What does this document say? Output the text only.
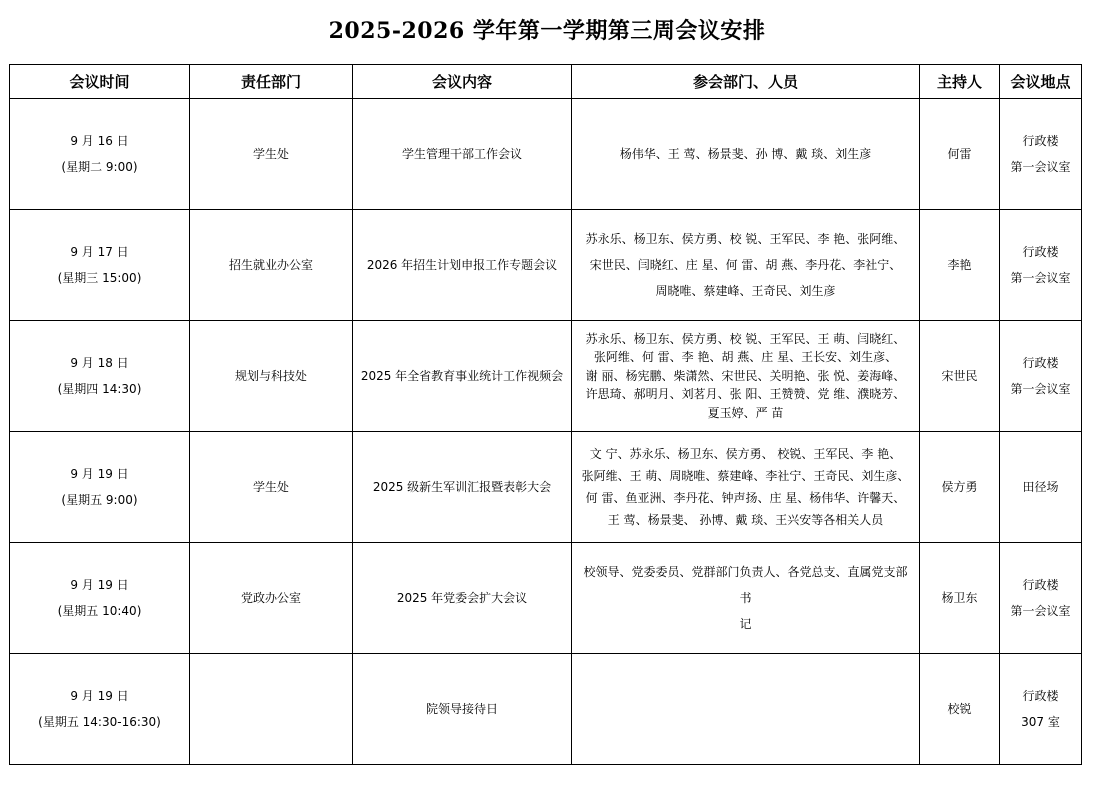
2025-2026 学年第一学期第三周会议安排
会议时间	责任部门	会议内容	参会部门、人员	主持人	会议地点

9 月 16 日
(星期二 9:00)	学生处	学生管理干部工作会议	杨伟华、王 莺、杨景斐、孙 博、戴 琰、刘生彦	何雷	行政楼
第一会议室

9 月 17 日
(星期三 15:00)	招生就业办公室	2026 年招生计划申报工作专题会议	苏永乐、杨卫东、侯方勇、校 锐、王军民、李 艳、张阿维、
宋世民、闫晓红、庄 星、何 雷、胡 燕、李丹花、李社宁、
周晓唯、蔡建峰、王奇民、刘生彦	李艳	行政楼
第一会议室

9 月 18 日
(星期四 14:30)	规划与科技处	2025 年全省教育事业统计工作视频会	苏永乐、杨卫东、侯方勇、校 锐、王军民、王 萌、闫晓红、
张阿维、何 雷、李 艳、胡 燕、庄 星、王长安、刘生彦、
谢 丽、杨宪鹏、柴潇然、宋世民、关明艳、张 悦、姜海峰、
许思琦、郝明月、刘茗月、张 阳、王赞赞、党 维、濮晓芳、
夏玉婷、严 苗	宋世民	行政楼
第一会议室

9 月 19 日
(星期五 9:00)	学生处	2025 级新生军训汇报暨表彰大会	文 宁、苏永乐、杨卫东、侯方勇、 校锐、王军民、李 艳、
张阿维、王 萌、周晓唯、蔡建峰、李社宁、王奇民、刘生彦、
何 雷、鱼亚洲、李丹花、钟声扬、庄 星、杨伟华、许馨天、
王 莺、杨景斐、 孙博、戴 琰、王兴安等各相关人员	侯方勇	田径场

9 月 19 日
(星期五 10:40)	党政办公室	2025 年党委会扩大会议	校领导、党委委员、党群部门负责人、各党总支、直属党支部书
记	杨卫东	行政楼
第一会议室

9 月 19 日
(星期五 14:30-16:30)		院领导接待日		校锐	行政楼
307 室
